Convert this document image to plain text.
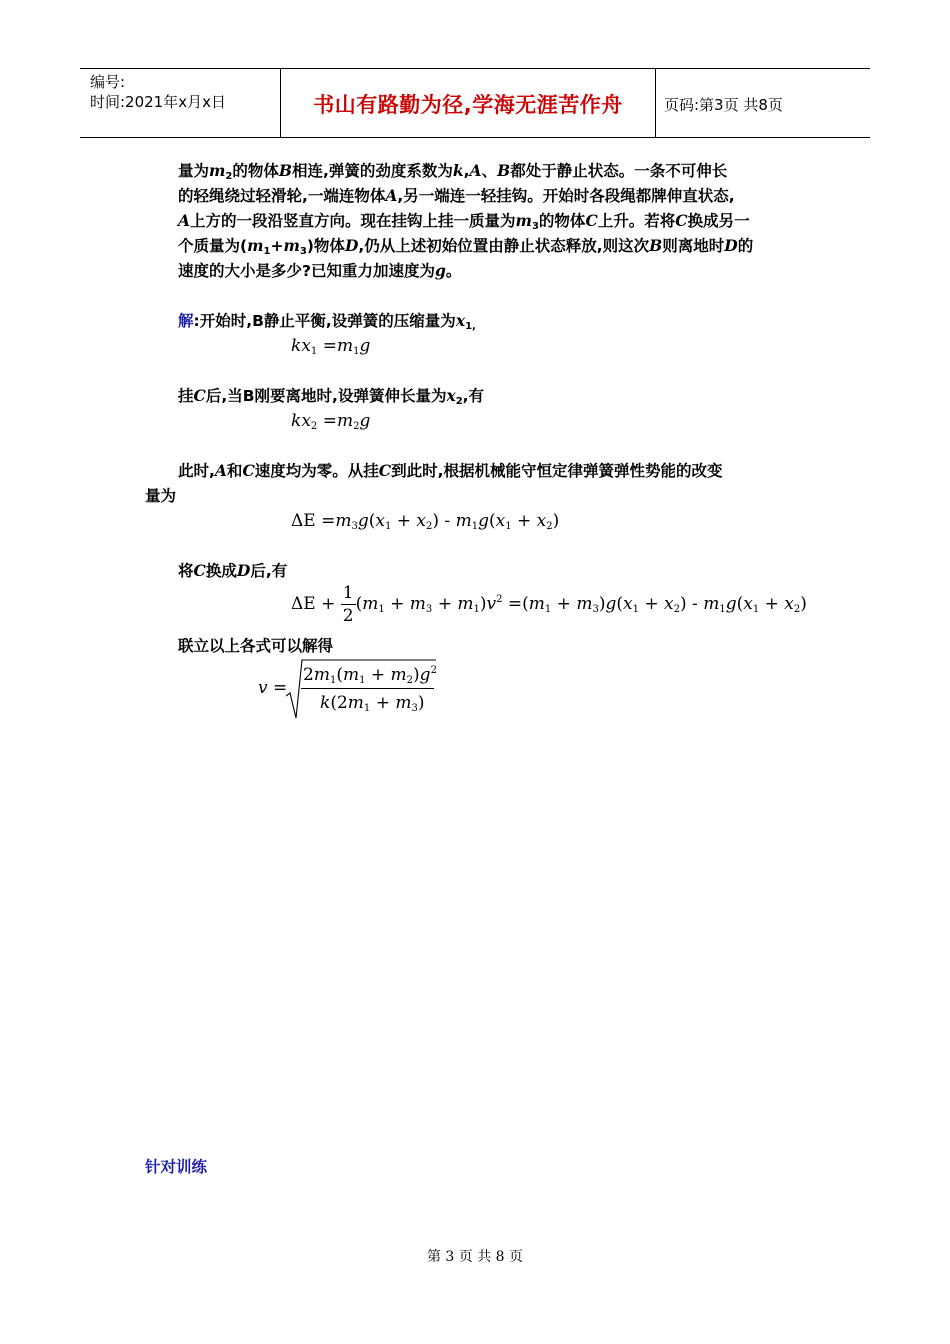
编号:
时间:2021年x月x日	书山有路勤为径,学海无涯苦作舟	页码:第3页 共8页
量为$m_2$的物体B相连,弹簧的劲度系数为k,A、B都处于静止状态。一条不可伸长
的轻绳绕过轻滑轮,一端连物体A,另一端连一轻挂钩。开始时各段绳都牌伸直状态,
A上方的一段沿竖直方向。现在挂钩上挂一质量为$m_3$的物体C上升。若将C换成另一
个质量为$(m_1+m_3)$物体D,仍从上述初始位置由静止状态释放,则这次B则离地时D的
速度的大小是多少?已知重力加速度为g。
解:开始时,B静止平衡,设弹簧的压缩量为$x_{1,}$
$kx_1 =m_1g$
挂C后,当B刚要离地时,设弹簧伸长量为$x_2$,有
$kx_2 =m_2g$
此时,A和C速度均为零。从挂C到此时,根据机械能守恒定律弹簧弹性势能的改变
量为
$\Delta E =m_3g(x_1 + x_2) - m_1g(x_1 + x_2)$
将C换成D后,有
$\Delta E + \frac{1}{2} (m_1 + m_3 + m_1)v^2 =(m_1 + m_3)g(x_1 + x_2) - m_1g(x_1 + x_2)$
联立以上各式可以解得
v =
$2m_1(m_1 + m_2)g^2$
$k(2m_1 + m_3)$
针对训练
第 3 页 共 8 页
